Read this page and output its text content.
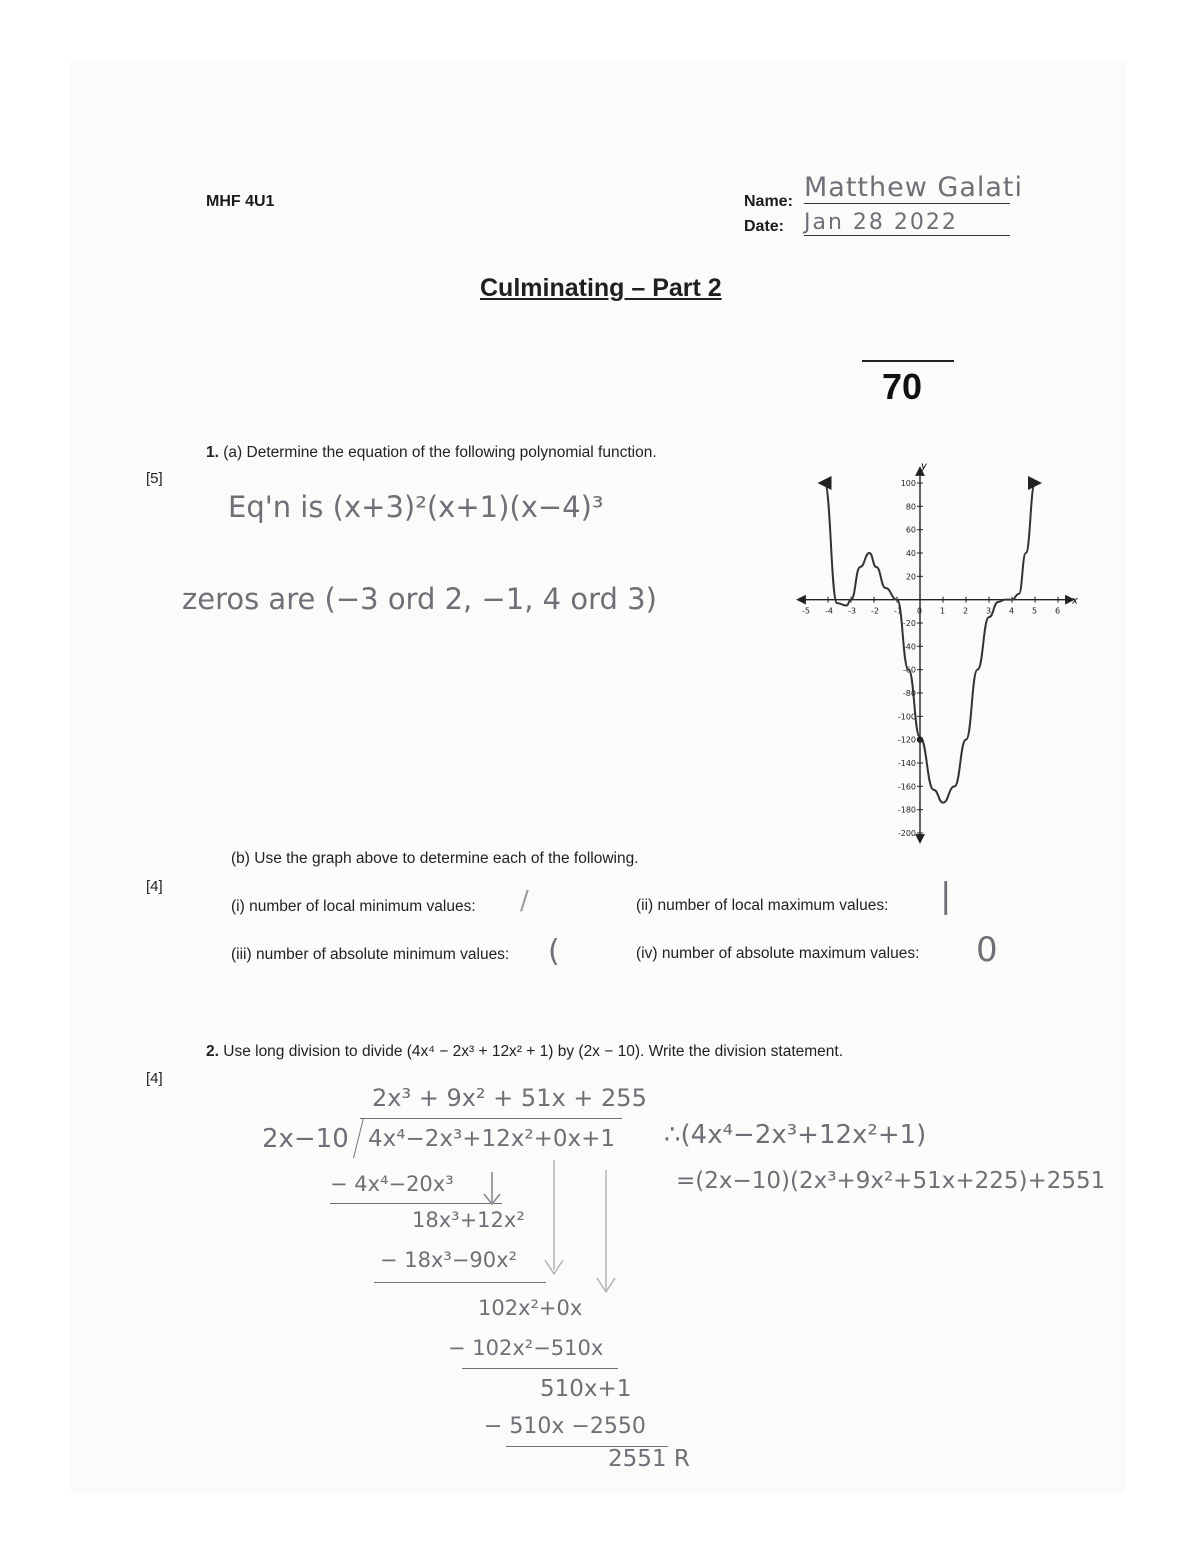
MHF 4U1	Name: Matthew Galati
Date: Jan 28 2022
Culminating – Part 2
70
[5]
1. (a) Determine the equation of the following polynomial function.
Eq'n is (x+3)²(x+1)(x−4)³
zeros are (−3 ord 2, −1, 4 ord 3)	x
y
-5 -4 -3 -2 -1 0 1 2 3 4 5 6
100
80
60
40
20
-20
-40
-60
-80
-100
-120
-140
-160
-180
-200
[4]
(b) Use the graph above to determine each of the following.
(i) number of local minimum values: /	(ii) number of local maximum values: |
(iii) number of absolute minimum values: (	(iv) number of absolute maximum values: 0
[4]
2. Use long division to divide (4x⁴ − 2x³ + 12x² + 1) by (2x − 10). Write the division statement.
2x³ + 9x² + 51x + 255
2x−10 4x⁴−2x³+12x²+0x+1
− 4x⁴−20x³
18x³+12x²
− 18x³−90x²
102x²+0x
− 102x²−510x
510x+1
− 510x −2550
2551 R
∴(4x⁴−2x³+12x²+1)
=(2x−10)(2x³+9x²+51x+225)+2551
